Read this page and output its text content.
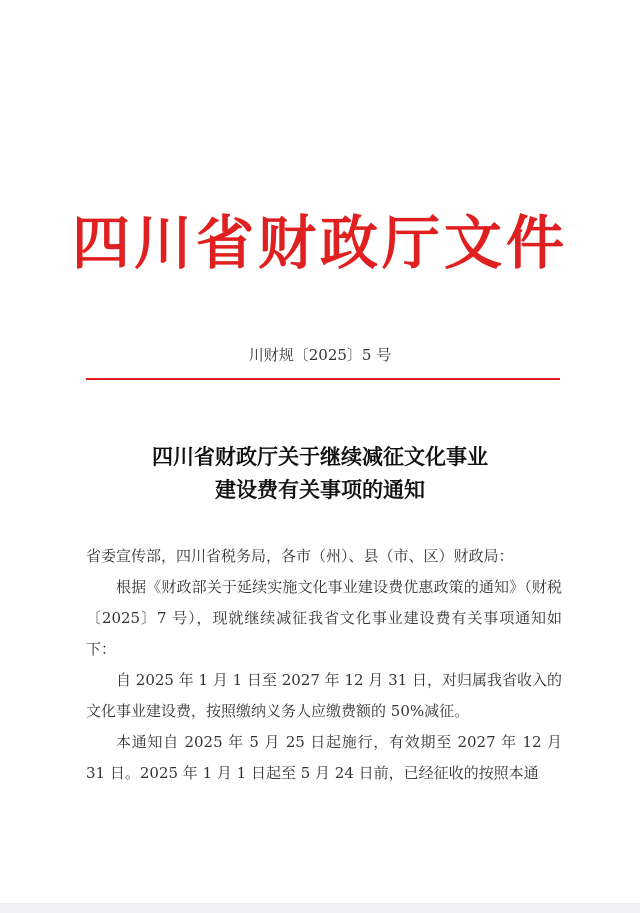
四川省财政厅文件
川财规〔2025〕5 号
四川省财政厅关于继续减征文化事业
建设费有关事项的通知

省委宣传部，四川省税务局，各市（州）、县（市、区）财政局：

根据《财政部关于延续实施文化事业建设费优惠政策的通知》（财税〔2025〕7 号），现就继续减征我省文化事业建设费有关事项通知如下：

自 2025 年 1 月 1 日至 2027 年 12 月 31 日，对归属我省收入的文化事业建设费，按照缴纳义务人应缴费额的 50%减征。

本通知自 2025 年 5 月 25 日起施行，有效期至 2027 年 12 月 31 日。2025 年 1 月 1 日起至 5 月 24 日前，已经征收的按照本通
